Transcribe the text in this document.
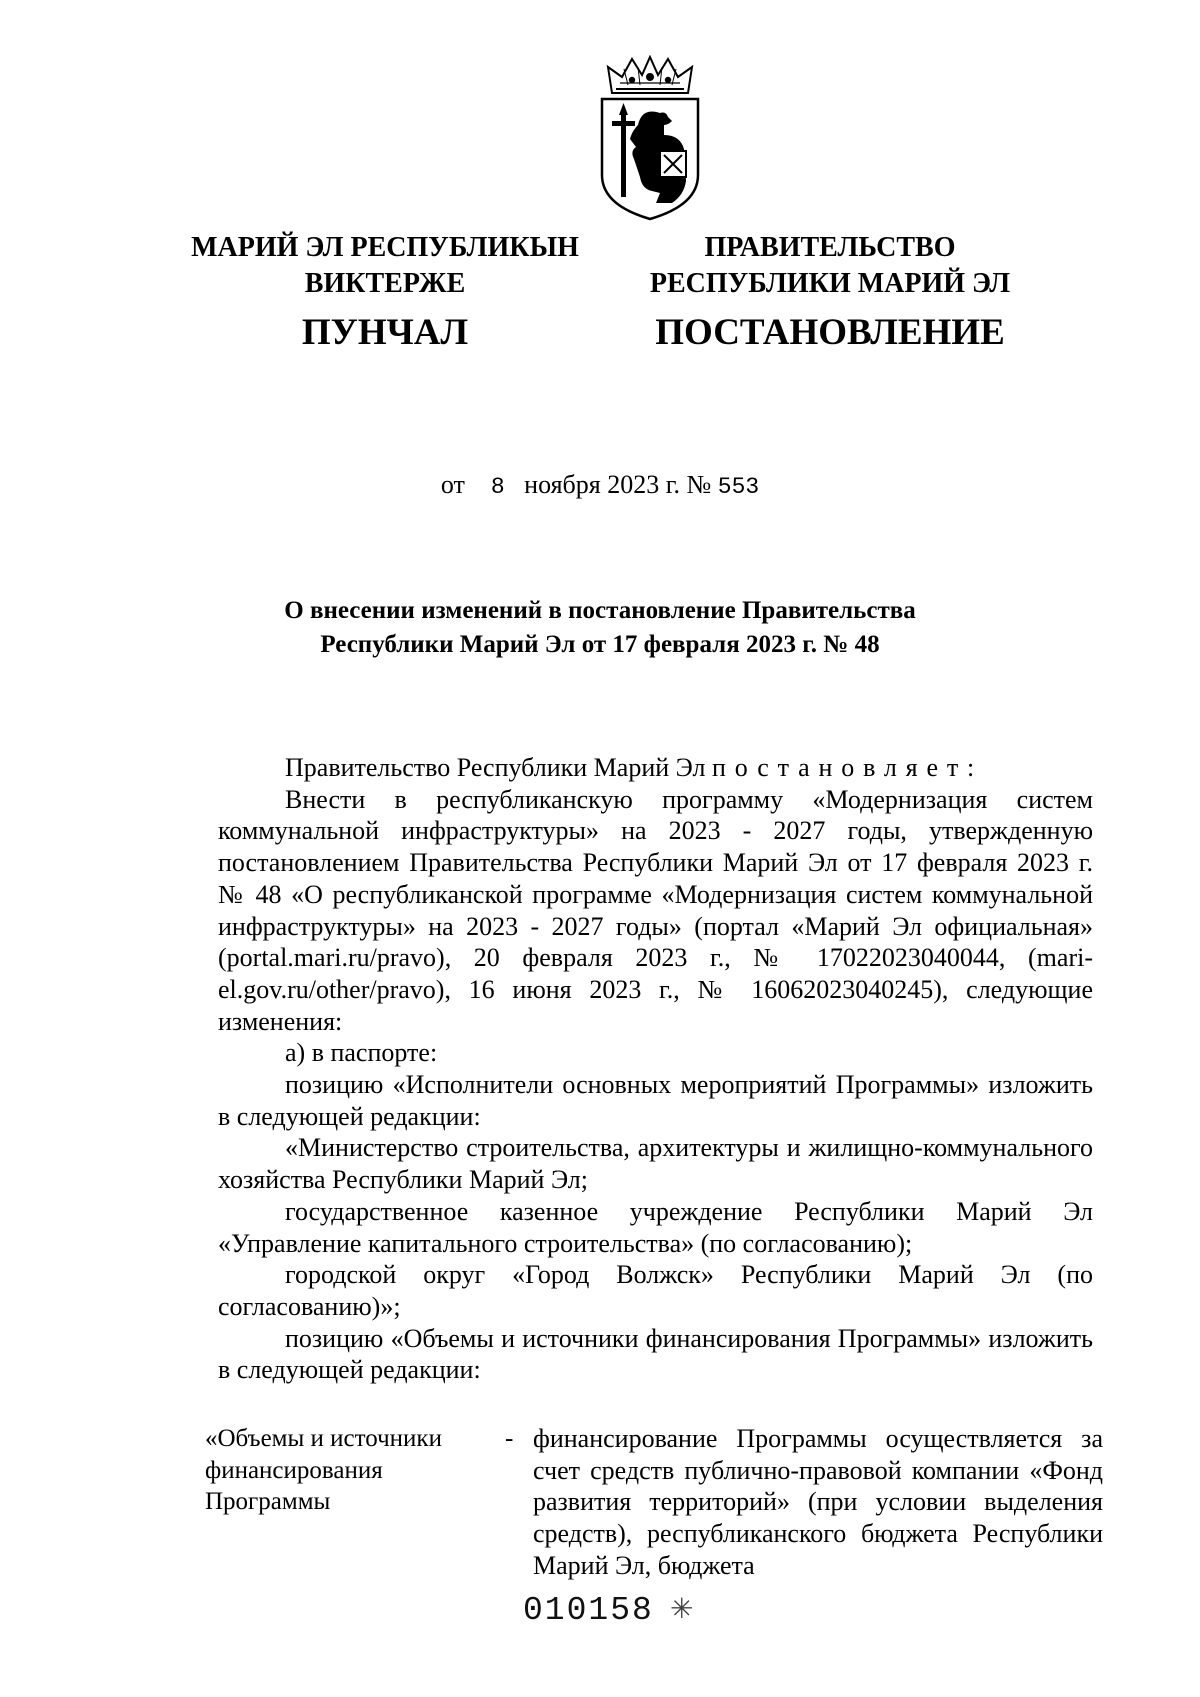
МАРИЙ ЭЛ РЕСПУБЛИКЫН
ВИКТЕРЖЕ
ПУНЧАЛ
ПРАВИТЕЛЬСТВО
РЕСПУБЛИКИ МАРИЙ ЭЛ
ПОСТАНОВЛЕНИЕ
от 8 ноября 2023 г. № 553
О внесении изменений в постановление Правительства
Республики Марий Эл от 17 февраля 2023 г. № 48

Правительство Республики Марий Эл постановляет:

Внести в республиканскую программу «Модернизация систем коммунальной инфраструктуры» на 2023 - 2027 годы, утвержденную постановлением Правительства Республики Марий Эл от 17 февраля 2023 г. № 48 «О республиканской программе «Модернизация систем коммунальной инфраструктуры» на 2023 - 2027 годы» (портал «Марий Эл официальная» (portal.mari.ru/pravo), 20 февраля 2023 г., № 17022023040044, (mari-el.gov.ru/other/pravo), 16 июня 2023 г., № 16062023040245), следующие изменения:

а) в паспорте:

позицию «Исполнители основных мероприятий Программы» изложить в следующей редакции:

«Министерство строительства, архитектуры и жилищно-коммунального хозяйства Республики Марий Эл;

государственное казенное учреждение Республики Марий Эл «Управление капитального строительства» (по согласованию);

городской округ «Город Волжск» Республики Марий Эл (по согласованию)»;

позицию «Объемы и источники финансирования Программы» изложить в следующей редакции:

«Объемы и источники финансирования Программы
- финансирование Программы осуществляется за счет средств публично-правовой компании «Фонд развития территорий» (при условии выделения средств), республиканского бюджета Республики Марий Эл, бюджета
010158 ✳
